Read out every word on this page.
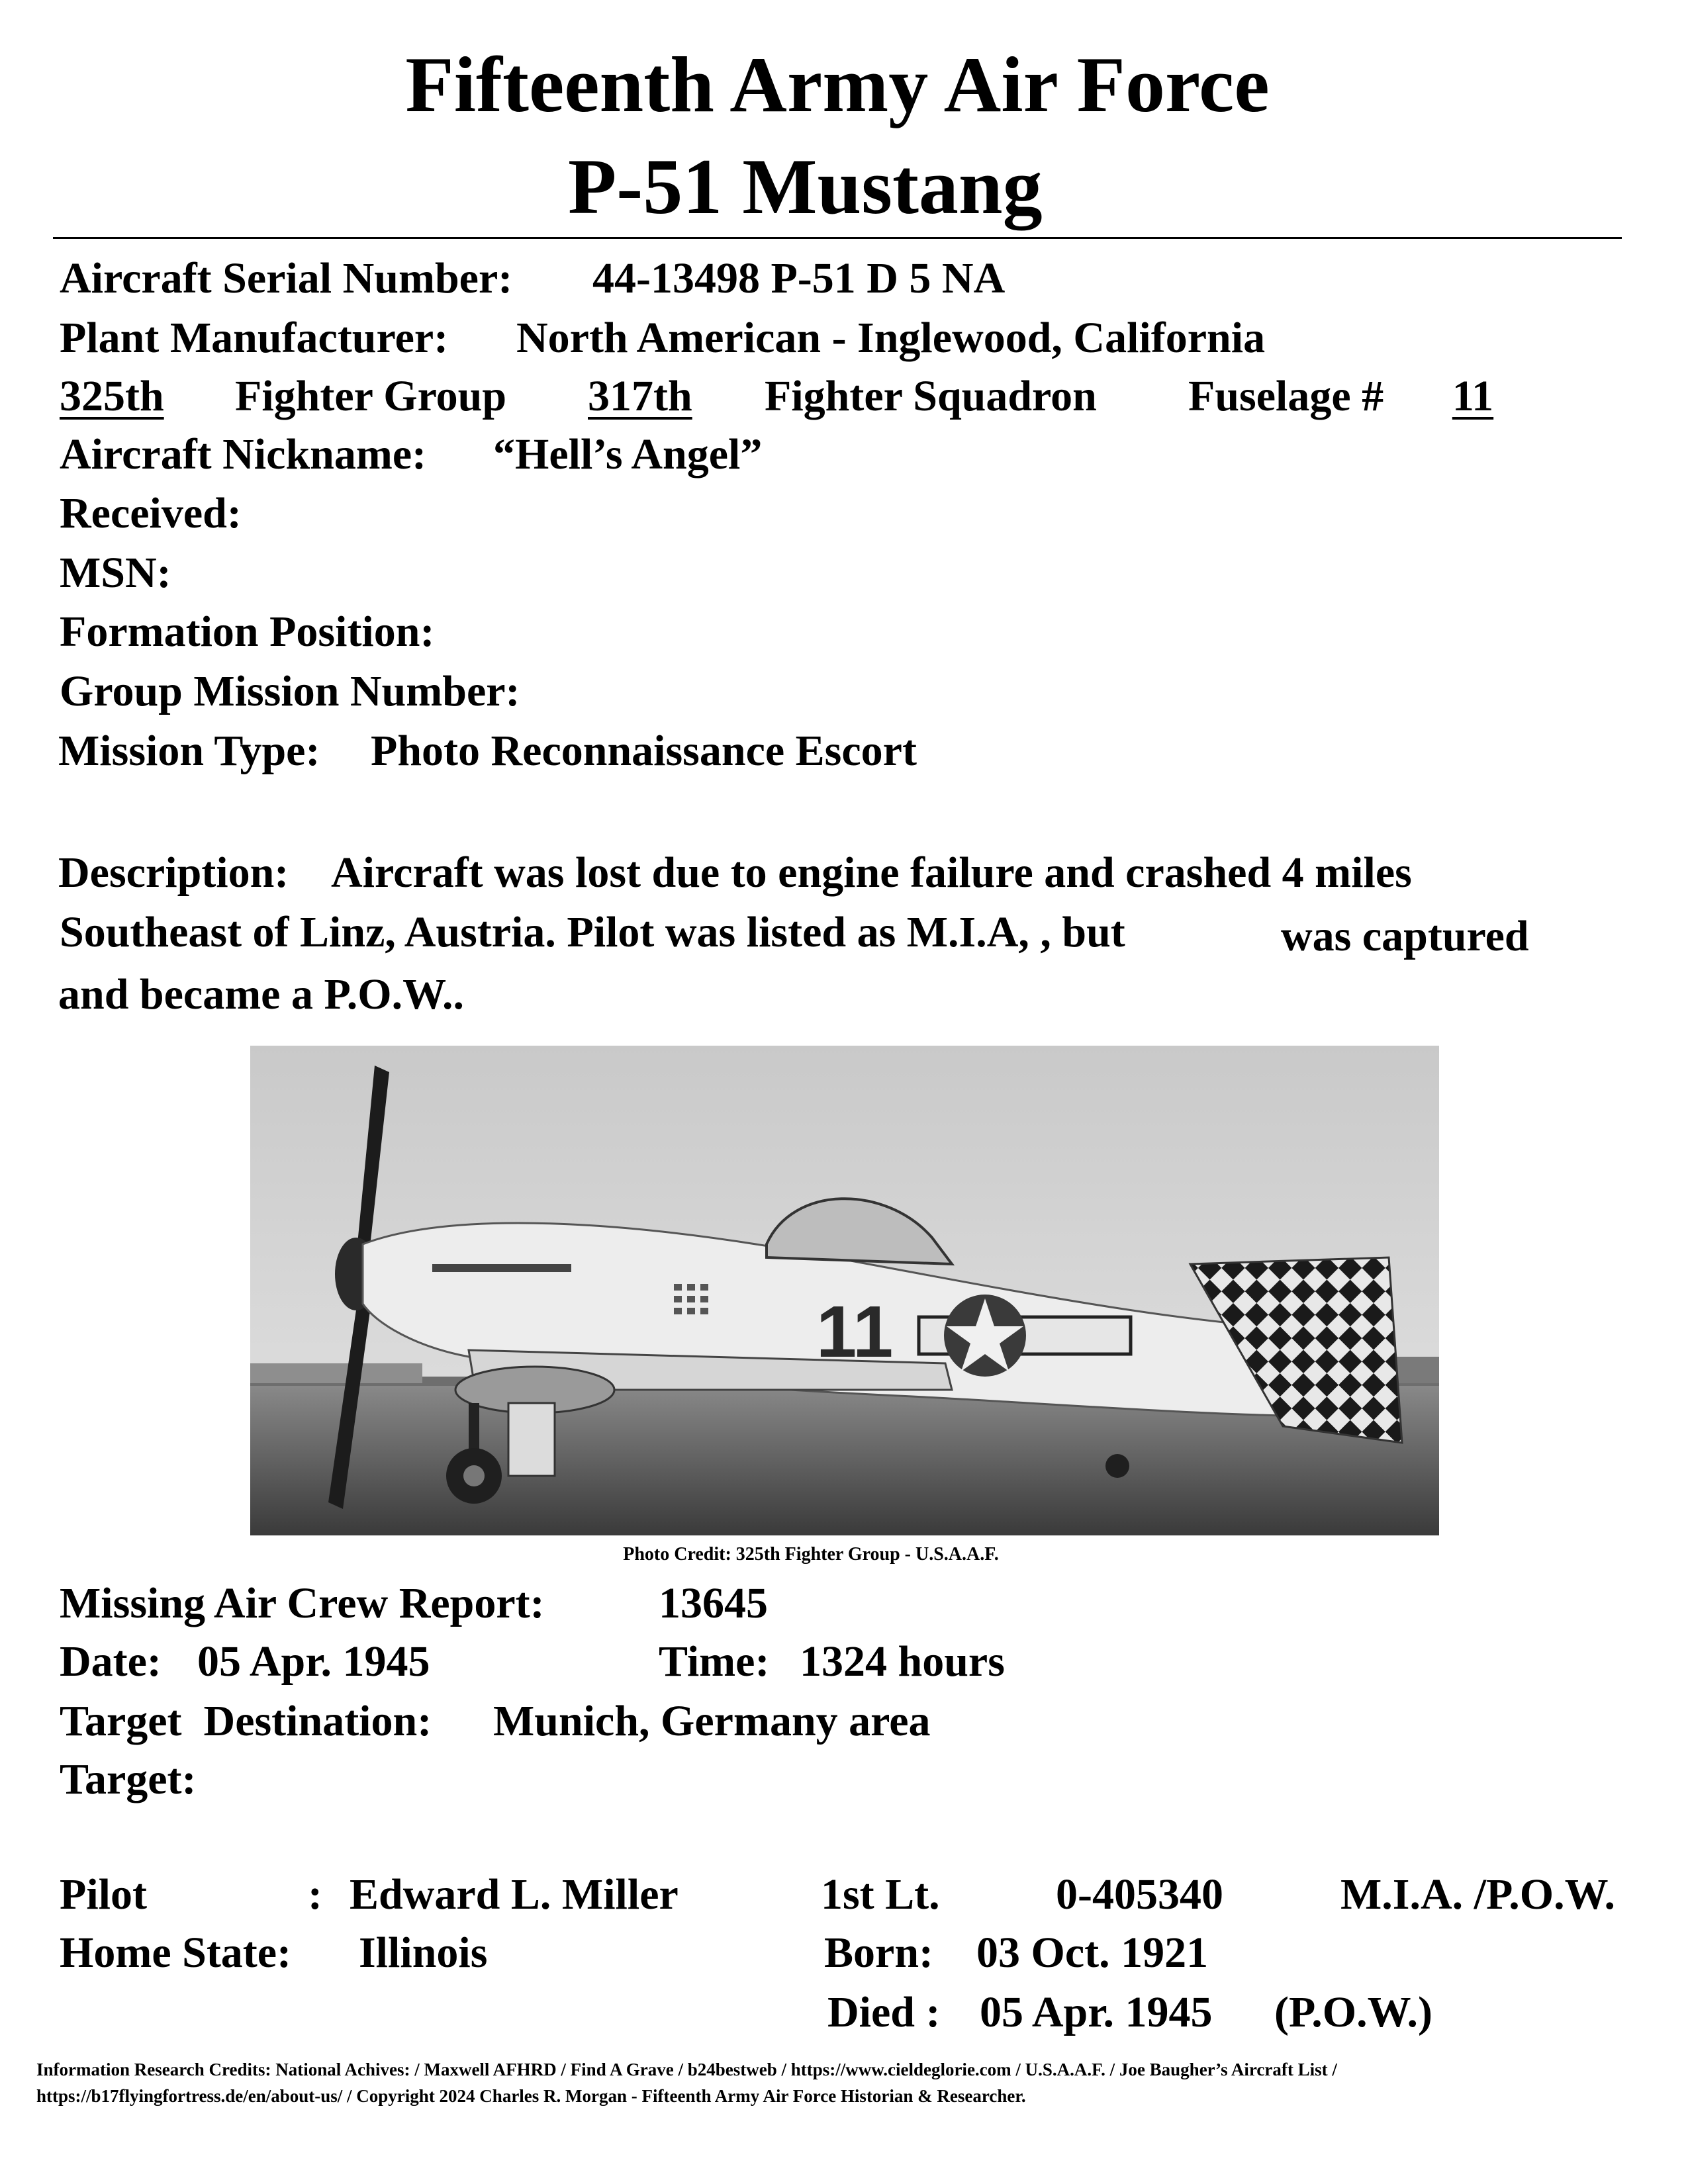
Fifteenth Army Air Force
P-51 Mustang
Aircraft Serial Number: 44-13498 P-51 D 5 NA
Plant Manufacturer: North American - Inglewood, California
325th	Fighter Group 317th	Fighter Squadron Fuselage #	11
Aircraft Nickname: “Hell’s Angel”
Received:
MSN:
Formation Position:
Group Mission Number:
Mission Type: Photo Reconnaissance Escort
Description: Aircraft was lost due to engine failure and crashed 4 miles
Southeast of Linz, Austria. Pilot was listed as M.I.A, , but	was captured
and became a P.O.W..
11
Photo Credit: 325th Fighter Group - U.S.A.A.F.
Missing Air Crew Report:	13645
Date: 05 Apr. 1945	Time: 1324 hours
Target  Destination: Munich, Germany area
Target:
Pilot	: Edward L. Miller	1st Lt.	0-405340	M.I.A. /P.O.W.
Home State: Illinois	Born: 03 Oct. 1921
Died : 05 Apr. 1945 (P.O.W.)
Information Research Credits: National Achives: / Maxwell AFHRD / Find A Grave / b24bestweb / https://www.cieldeglorie.com / U.S.A.A.F. / Joe Baugher’s Aircraft List /
https://b17flyingfortress.de/en/about-us/ / Copyright 2024 Charles R. Morgan - Fifteenth Army Air Force Historian & Researcher.
